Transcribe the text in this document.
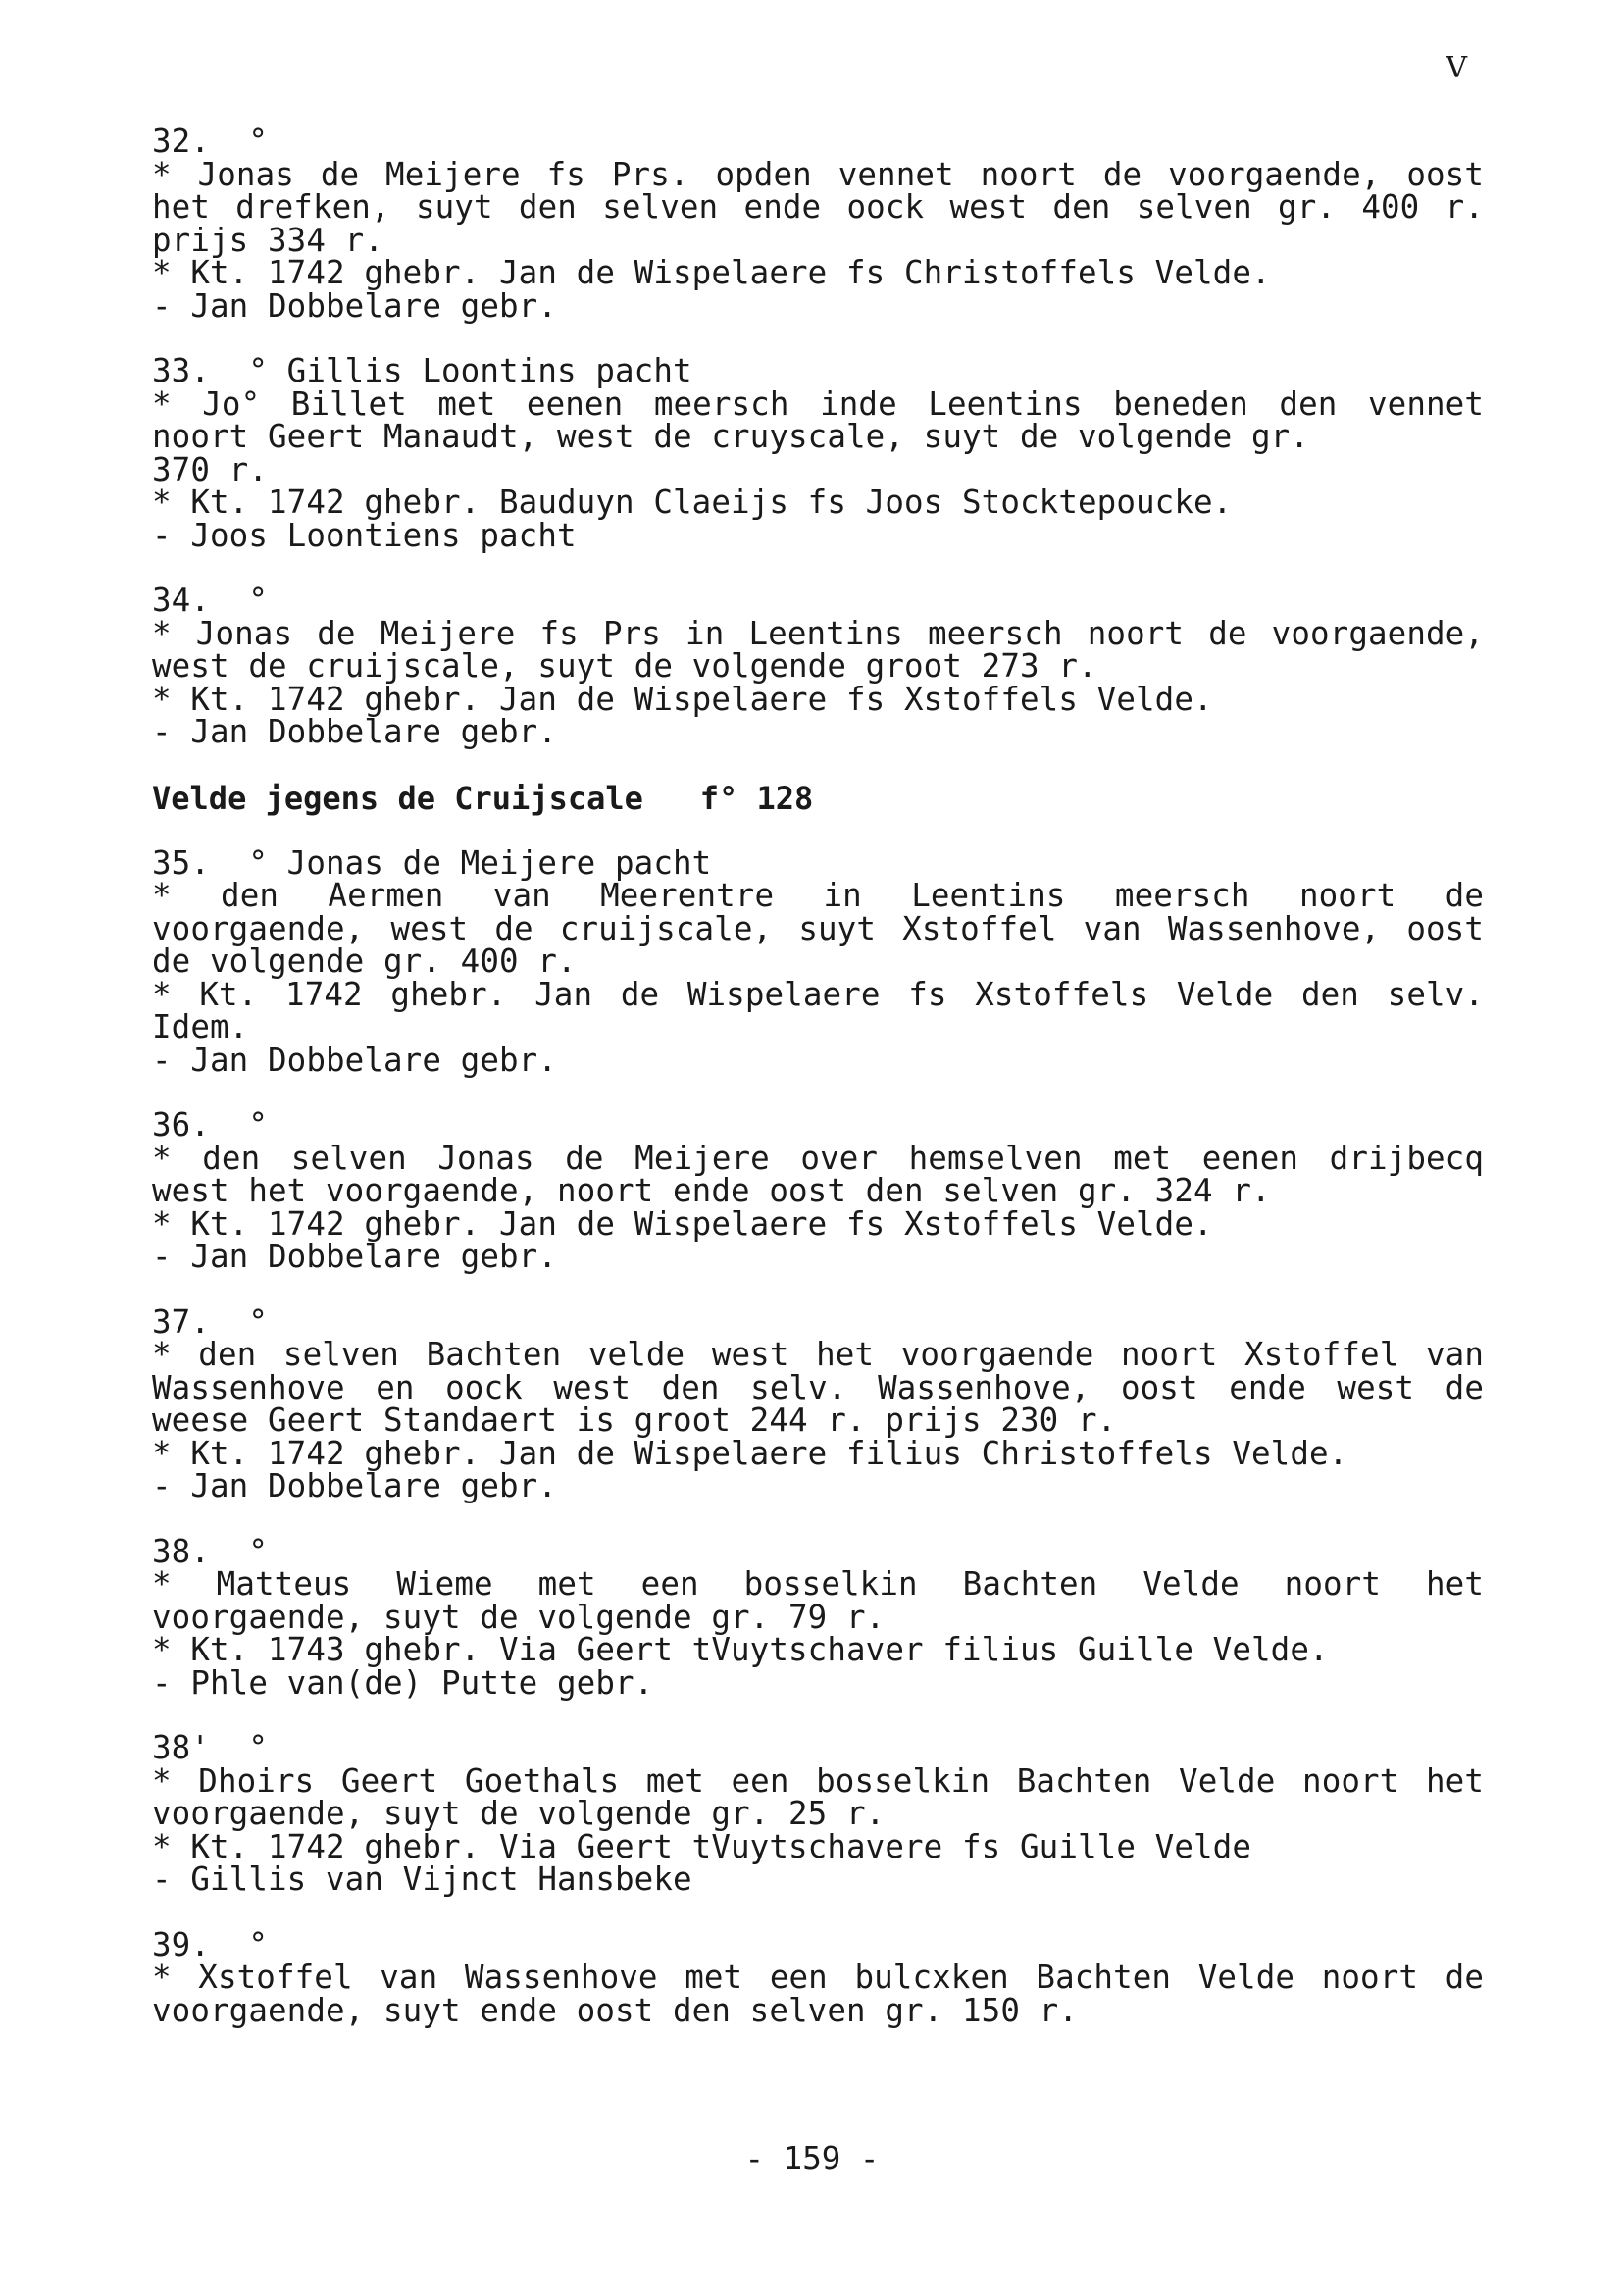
V
32.  °
* Jonas de Meijere fs Prs. opden vennet noort de voorgaende, oost
het drefken, suyt den selven ende oock west den selven gr. 400 r.
prijs 334 r.
* Kt. 1742 ghebr. Jan de Wispelaere fs Christoffels Velde.
- Jan Dobbelare gebr.
33.  ° Gillis Loontins pacht
* Jo° Billet met eenen meersch inde Leentins beneden den vennet
noort Geert Manaudt, west de cruyscale, suyt de volgende gr.
370 r.
* Kt. 1742 ghebr. Bauduyn Claeijs fs Joos Stocktepoucke.
- Joos Loontiens pacht
34.  °
* Jonas de Meijere fs Prs in Leentins meersch noort de voorgaende,
west de cruijscale, suyt de volgende groot 273 r.
* Kt. 1742 ghebr. Jan de Wispelaere fs Xstoffels Velde.
- Jan Dobbelare gebr.
Velde jegens de Cruijscale   f° 128
35.  ° Jonas de Meijere pacht
* den Aermen van Meerentre in Leentins meersch noort de
voorgaende, west de cruijscale, suyt Xstoffel van Wassenhove, oost
de volgende gr. 400 r.
* Kt. 1742 ghebr. Jan de Wispelaere fs Xstoffels Velde den selv.
Idem.
- Jan Dobbelare gebr.
36.  °
* den selven Jonas de Meijere over hemselven met eenen drijbecq
west het voorgaende, noort ende oost den selven gr. 324 r.
* Kt. 1742 ghebr. Jan de Wispelaere fs Xstoffels Velde.
- Jan Dobbelare gebr.
37.  °
* den selven Bachten velde west het voorgaende noort Xstoffel van
Wassenhove en oock west den selv. Wassenhove, oost ende west de
weese Geert Standaert is groot 244 r. prijs 230 r.
* Kt. 1742 ghebr. Jan de Wispelaere filius Christoffels Velde.
- Jan Dobbelare gebr.
38.  °
* Matteus Wieme met een bosselkin Bachten Velde noort het
voorgaende, suyt de volgende gr. 79 r.
* Kt. 1743 ghebr. Via Geert tVuytschaver filius Guille Velde.
- Phle van(de) Putte gebr.
38'  °
* Dhoirs Geert Goethals met een bosselkin Bachten Velde noort het
voorgaende, suyt de volgende gr. 25 r.
* Kt. 1742 ghebr. Via Geert tVuytschavere fs Guille Velde
- Gillis van Vijnct Hansbeke
39.  °
* Xstoffel van Wassenhove met een bulcxken Bachten Velde noort de
voorgaende, suyt ende oost den selven gr. 150 r.
- 159 -
